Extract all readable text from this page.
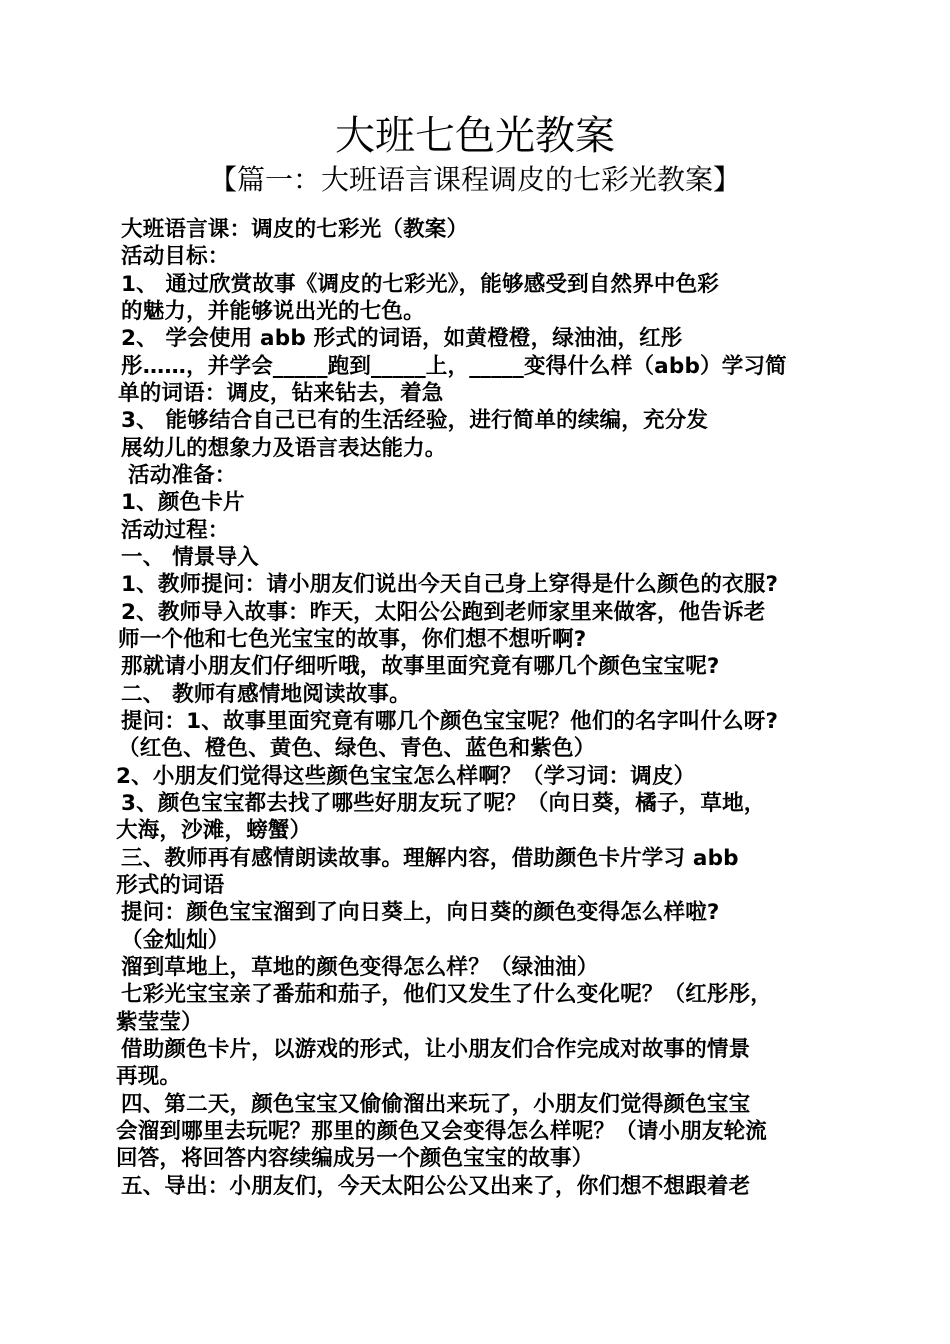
大班七色光教案
【篇一：大班语言课程调皮的七彩光教案】
大班语言课：调皮的七彩光（教案）
活动目标：
1、 通过欣赏故事《调皮的七彩光》，能够感受到自然界中色彩
的魅力，并能够说出光的七色。
2、 学会使用 abb 形式的词语，如黄橙橙，绿油油，红彤
彤……，并学会_____跑到_____上，_____变得什么样（abb）学习简
单的词语：调皮，钻来钻去，着急
3、 能够结合自己已有的生活经验，进行简单的续编，充分发
展幼儿的想象力及语言表达能力。
活动准备：
1、颜色卡片
活动过程：
一、 情景导入
1、教师提问：请小朋友们说出今天自己身上穿得是什么颜色的衣服?
2、教师导入故事：昨天，太阳公公跑到老师家里来做客，他告诉老
师一个他和七色光宝宝的故事，你们想不想听啊?
那就请小朋友们仔细听哦，故事里面究竟有哪几个颜色宝宝呢?
二、 教师有感情地阅读故事。
提问：1、故事里面究竟有哪几个颜色宝宝呢？他们的名字叫什么呀?
（红色、橙色、黄色、绿色、青色、蓝色和紫色）
2、小朋友们觉得这些颜色宝宝怎么样啊？（学习词：调皮）
3、颜色宝宝都去找了哪些好朋友玩了呢？（向日葵，橘子，草地，
大海，沙滩，螃蟹）
三、教师再有感情朗读故事。理解内容，借助颜色卡片学习 abb
形式的词语
提问：颜色宝宝溜到了向日葵上，向日葵的颜色变得怎么样啦?
（金灿灿）
溜到草地上，草地的颜色变得怎么样？（绿油油）
七彩光宝宝亲了番茄和茄子，他们又发生了什么变化呢？（红彤彤，
紫莹莹）
借助颜色卡片，以游戏的形式，让小朋友们合作完成对故事的情景
再现。
四、第二天，颜色宝宝又偷偷溜出来玩了，小朋友们觉得颜色宝宝
会溜到哪里去玩呢？那里的颜色又会变得怎么样呢？（请小朋友轮流
回答，将回答内容续编成另一个颜色宝宝的故事）
五、导出：小朋友们，今天太阳公公又出来了，你们想不想跟着老
